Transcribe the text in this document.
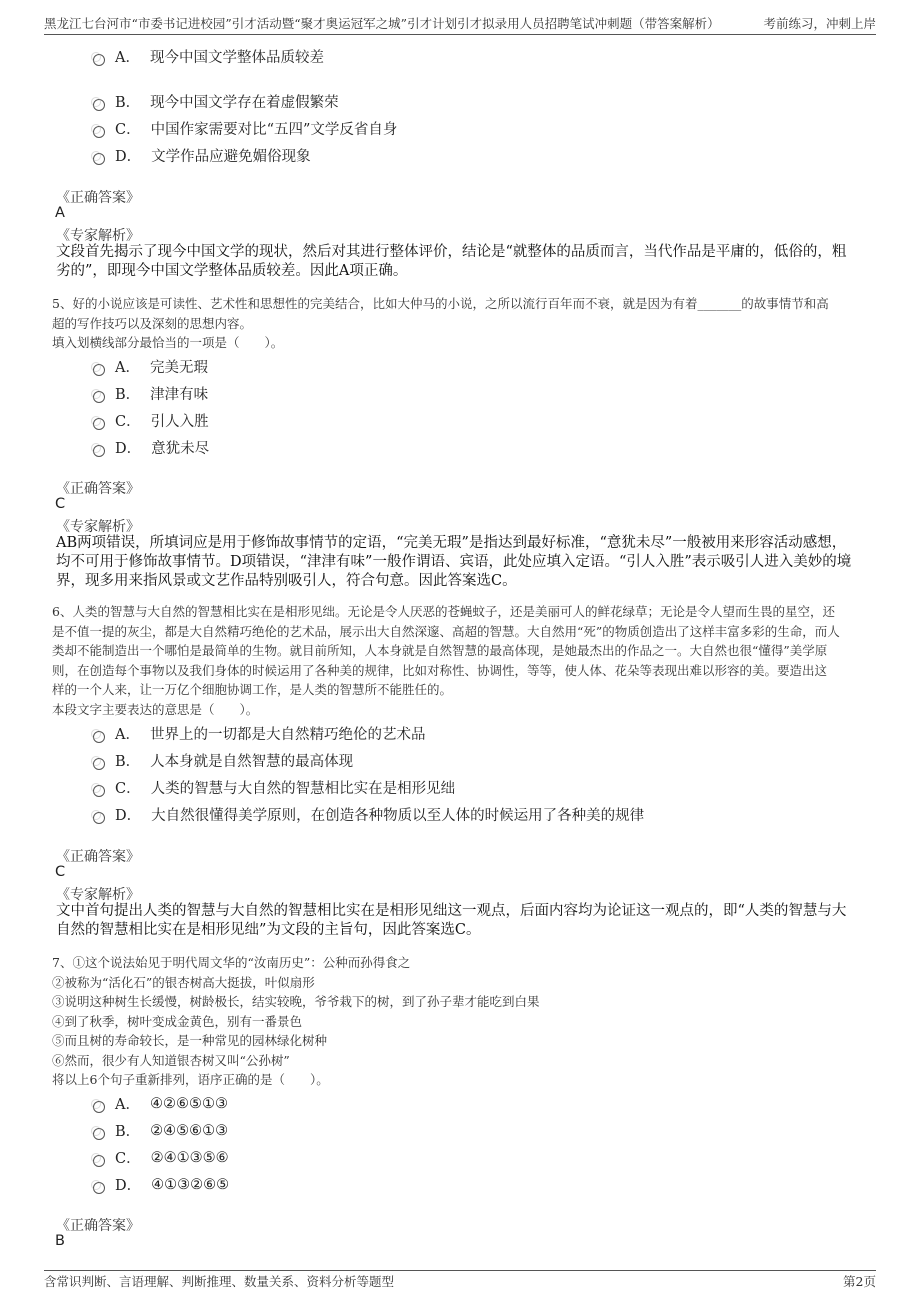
黑龙江七台河市“市委书记进校园”引才活动暨“聚才奥运冠军之城”引才计划引才拟录用人员招聘笔试冲刺题（带答案解析）	考前练习，冲刺上岸
A． 现今中国文学整体品质较差
B． 现今中国文学存在着虚假繁荣
C． 中国作家需要对比“五四”文学反省自身
D． 文学作品应避免媚俗现象
《正确答案》
A
《专家解析》
文段首先揭示了现今中国文学的现状，然后对其进行整体评价，结论是“就整体的品质而言，当代作品是平庸的，低俗的，粗
劣的”，即现今中国文学整体品质较差。因此A项正确。
5、好的小说应该是可读性、艺术性和思想性的完美结合，比如大仲马的小说，之所以流行百年而不衰，就是因为有着_______的故事情节和高
超的写作技巧以及深刻的思想内容。
填入划横线部分最恰当的一项是（　　）。
A． 完美无瑕
B． 津津有味
C． 引人入胜
D． 意犹未尽
《正确答案》
C
《专家解析》
AB两项错误，所填词应是用于修饰故事情节的定语，“完美无瑕”是指达到最好标准，“意犹未尽”一般被用来形容活动感想，
均不可用于修饰故事情节。D项错误，“津津有味”一般作谓语、宾语，此处应填入定语。“引人入胜”表示吸引人进入美妙的境
界，现多用来指风景或文艺作品特别吸引人，符合句意。因此答案选C。
6、人类的智慧与大自然的智慧相比实在是相形见绌。无论是令人厌恶的苍蝇蚊子，还是美丽可人的鲜花绿草；无论是令人望而生畏的星空，还
是不值一提的灰尘，都是大自然精巧绝伦的艺术品，展示出大自然深邃、高超的智慧。大自然用“死”的物质创造出了这样丰富多彩的生命，而人
类却不能制造出一个哪怕是最简单的生物。就目前所知，人本身就是自然智慧的最高体现，是她最杰出的作品之一。大自然也很“懂得”美学原
则，在创造每个事物以及我们身体的时候运用了各种美的规律，比如对称性、协调性，等等，使人体、花朵等表现出难以形容的美。要造出这
样的一个人来，让一万亿个细胞协调工作，是人类的智慧所不能胜任的。
本段文字主要表达的意思是（　　）。
A． 世界上的一切都是大自然精巧绝伦的艺术品
B． 人本身就是自然智慧的最高体现
C． 人类的智慧与大自然的智慧相比实在是相形见绌
D． 大自然很懂得美学原则，在创造各种物质以至人体的时候运用了各种美的规律
《正确答案》
C
《专家解析》
文中首句提出人类的智慧与大自然的智慧相比实在是相形见绌这一观点，后面内容均为论证这一观点的，即“人类的智慧与大
自然的智慧相比实在是相形见绌”为文段的主旨句，因此答案选C。
7、①这个说法始见于明代周文华的“汝南历史”：公种而孙得食之
②被称为“活化石”的银杏树高大挺拔，叶似扇形
③说明这种树生长缓慢，树龄极长，结实较晚，爷爷栽下的树，到了孙子辈才能吃到白果
④到了秋季，树叶变成金黄色，别有一番景色
⑤而且树的寿命较长，是一种常见的园林绿化树种
⑥然而，很少有人知道银杏树又叫“公孙树”
将以上6个句子重新排列，语序正确的是（　　）。
A． ④②⑥⑤①③
B． ②④⑤⑥①③
C． ②④①③⑤⑥
D． ④①③②⑥⑤
《正确答案》
B
含常识判断、言语理解、判断推理、数量关系、资料分析等题型	第2页
